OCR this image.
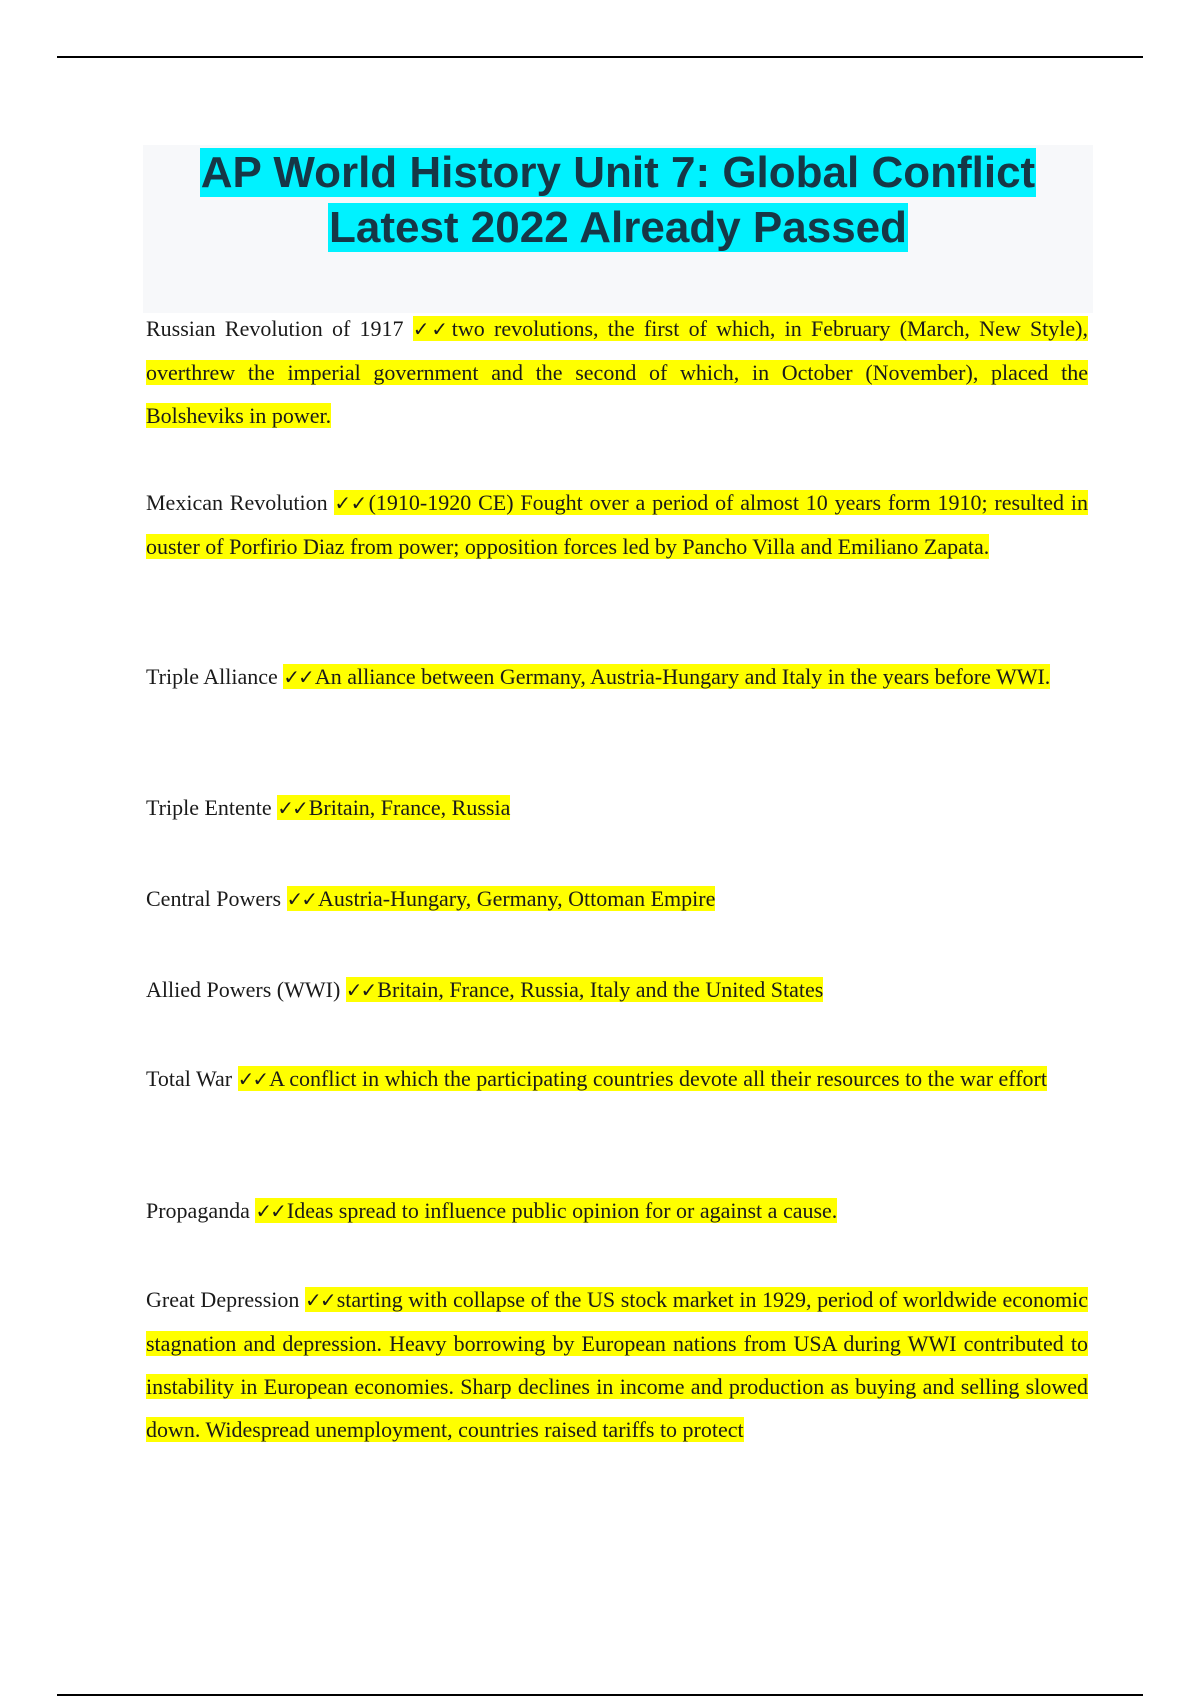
AP World History Unit 7: Global Conflict
Latest 2022 Already Passed

Russian Revolution of 1917 ✓✓two revolutions, the first of which, in February (March, New Style), overthrew the imperial government and the second of which, in October (November), placed the Bolsheviks in power.

Mexican Revolution ✓✓(1910-1920 CE) Fought over a period of almost 10 years form 1910; resulted in ouster of Porfirio Diaz from power; opposition forces led by Pancho Villa and Emiliano Zapata.

Triple Alliance ✓✓An alliance between Germany, Austria-Hungary and Italy in the years before WWI.

Triple Entente ✓✓Britain, France, Russia

Central Powers ✓✓Austria-Hungary, Germany, Ottoman Empire

Allied Powers (WWI) ✓✓Britain, France, Russia, Italy and the United States

Total War ✓✓A conflict in which the participating countries devote all their resources to the war effort

Propaganda ✓✓Ideas spread to influence public opinion for or against a cause.

Great Depression ✓✓starting with collapse of the US stock market in 1929, period of worldwide economic stagnation and depression. Heavy borrowing by European nations from USA during WWI contributed to instability in European economies. Sharp declines in income and production as buying and selling slowed down. Widespread unemployment, countries raised tariffs to protect
